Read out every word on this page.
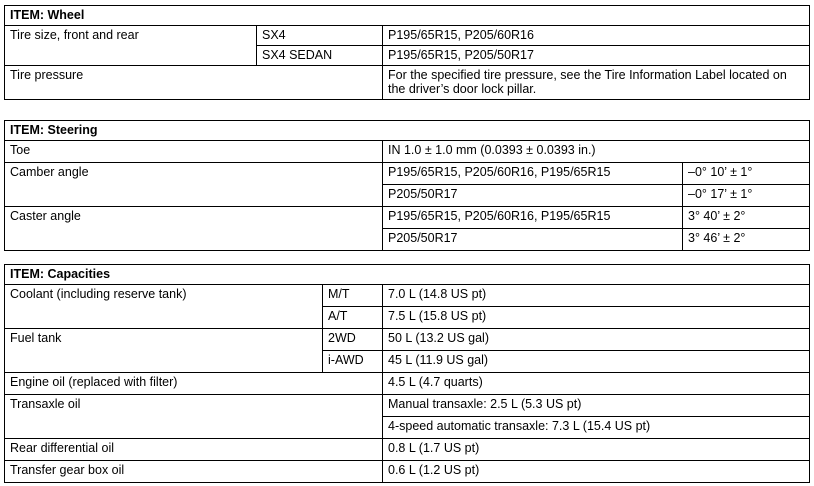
ITEM: Wheel		
Tire size, front and rear	SX4	P195/65R15, P205/60R16
	SX4 SEDAN	P195/65R15, P205/50R17
Tire pressure		For the specified tire pressure, see the Tire Information Label located on the driver’s door lock pillar.
ITEM: Steering		
Toe	IN 1.0 ± 1.0 mm (0.0393 ± 0.0393 in.)	
Camber angle	P195/65R15, P205/60R16, P195/65R15	–0° 10’ ± 1°
	P205/50R17	–0° 17’ ± 1°
Caster angle	P195/65R15, P205/60R16, P195/65R15	3° 40’ ± 2°
	P205/50R17	3° 46’ ± 2°
ITEM: Capacities		
Coolant (including reserve tank)	M/T	7.0 L (14.8 US pt)
	A/T	7.5 L (15.8 US pt)
Fuel tank	2WD	50 L (13.2 US gal)
	i-AWD	45 L (11.9 US gal)
Engine oil (replaced with filter)		4.5 L (4.7 quarts)
Transaxle oil		Manual transaxle: 2.5 L (5.3 US pt)
		4-speed automatic transaxle: 7.3 L (15.4 US pt)
Rear differential oil		0.8 L (1.7 US pt)
Transfer gear box oil		0.6 L (1.2 US pt)
